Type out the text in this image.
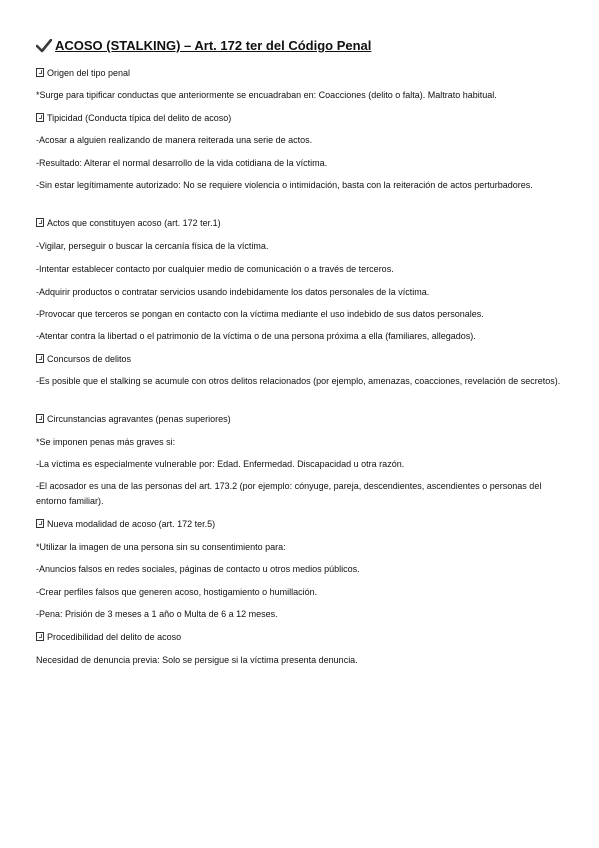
ACOSO (STALKING) – Art. 172 ter del Código Penal
Origen del tipo penal
*Surge para tipificar conductas que anteriormente se encuadraban en: Coacciones (delito o falta). Maltrato habitual.
Tipicidad (Conducta típica del delito de acoso)
-Acosar a alguien realizando de manera reiterada una serie de actos.
-Resultado: Alterar el normal desarrollo de la vida cotidiana de la víctima.
-Sin estar legítimamente autorizado: No se requiere violencia o intimidación, basta con la reiteración de actos perturbadores.
Actos que constituyen acoso (art. 172 ter.1)
-Vigilar, perseguir o buscar la cercanía física de la víctima.
-Intentar establecer contacto por cualquier medio de comunicación o a través de terceros.
-Adquirir productos o contratar servicios usando indebidamente los datos personales de la víctima.
-Provocar que terceros se pongan en contacto con la víctima mediante el uso indebido de sus datos personales.
-Atentar contra la libertad o el patrimonio de la víctima o de una persona próxima a ella (familiares, allegados).
Concursos de delitos
-Es posible que el stalking se acumule con otros delitos relacionados (por ejemplo, amenazas, coacciones, revelación de secretos).
Circunstancias agravantes (penas superiores)
*Se imponen penas más graves si:
-La víctima es especialmente vulnerable por: Edad. Enfermedad. Discapacidad u otra razón.
-El acosador es una de las personas del art. 173.2 (por ejemplo: cónyuge, pareja, descendientes, ascendientes o personas del entorno familiar).
Nueva modalidad de acoso (art. 172 ter.5)
*Utilizar la imagen de una persona sin su consentimiento para:
-Anuncios falsos en redes sociales, páginas de contacto u otros medios públicos.
-Crear perfiles falsos que generen acoso, hostigamiento o humillación.
-Pena: Prisión de 3 meses a 1 año o Multa de 6 a 12 meses.
Procedibilidad del delito de acoso
Necesidad de denuncia previa: Solo se persigue si la víctima presenta denuncia.
